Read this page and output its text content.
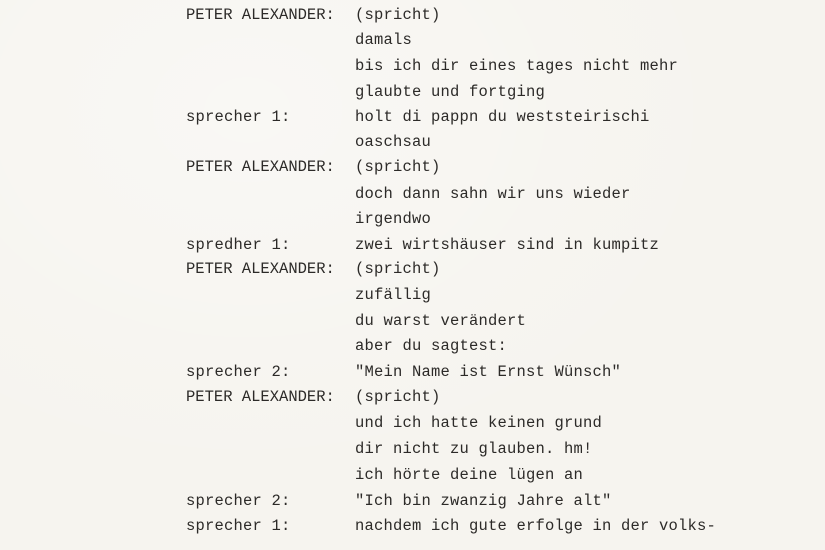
PETER ALEXANDER: (spricht)
damals
bis ich dir eines tages nicht mehr
glaubte und fortging
sprecher 1:	holt di pappn du weststeirischi
oaschsau
PETER ALEXANDER: (spricht)
doch dann sahn wir uns wieder
irgendwo
spredher 1:	zwei wirtshäuser sind in kumpitz
PETER ALEXANDER: (spricht)
zufällig
du warst verändert
aber du sagtest:
sprecher 2:	"Mein Name ist Ernst Wünsch"
PETER ALEXANDER: (spricht)
und ich hatte keinen grund
dir nicht zu glauben. hm!
ich hörte deine lügen an
sprecher 2:	"Ich bin zwanzig Jahre alt"
sprecher 1:	nachdem ich gute erfolge in der volks-
